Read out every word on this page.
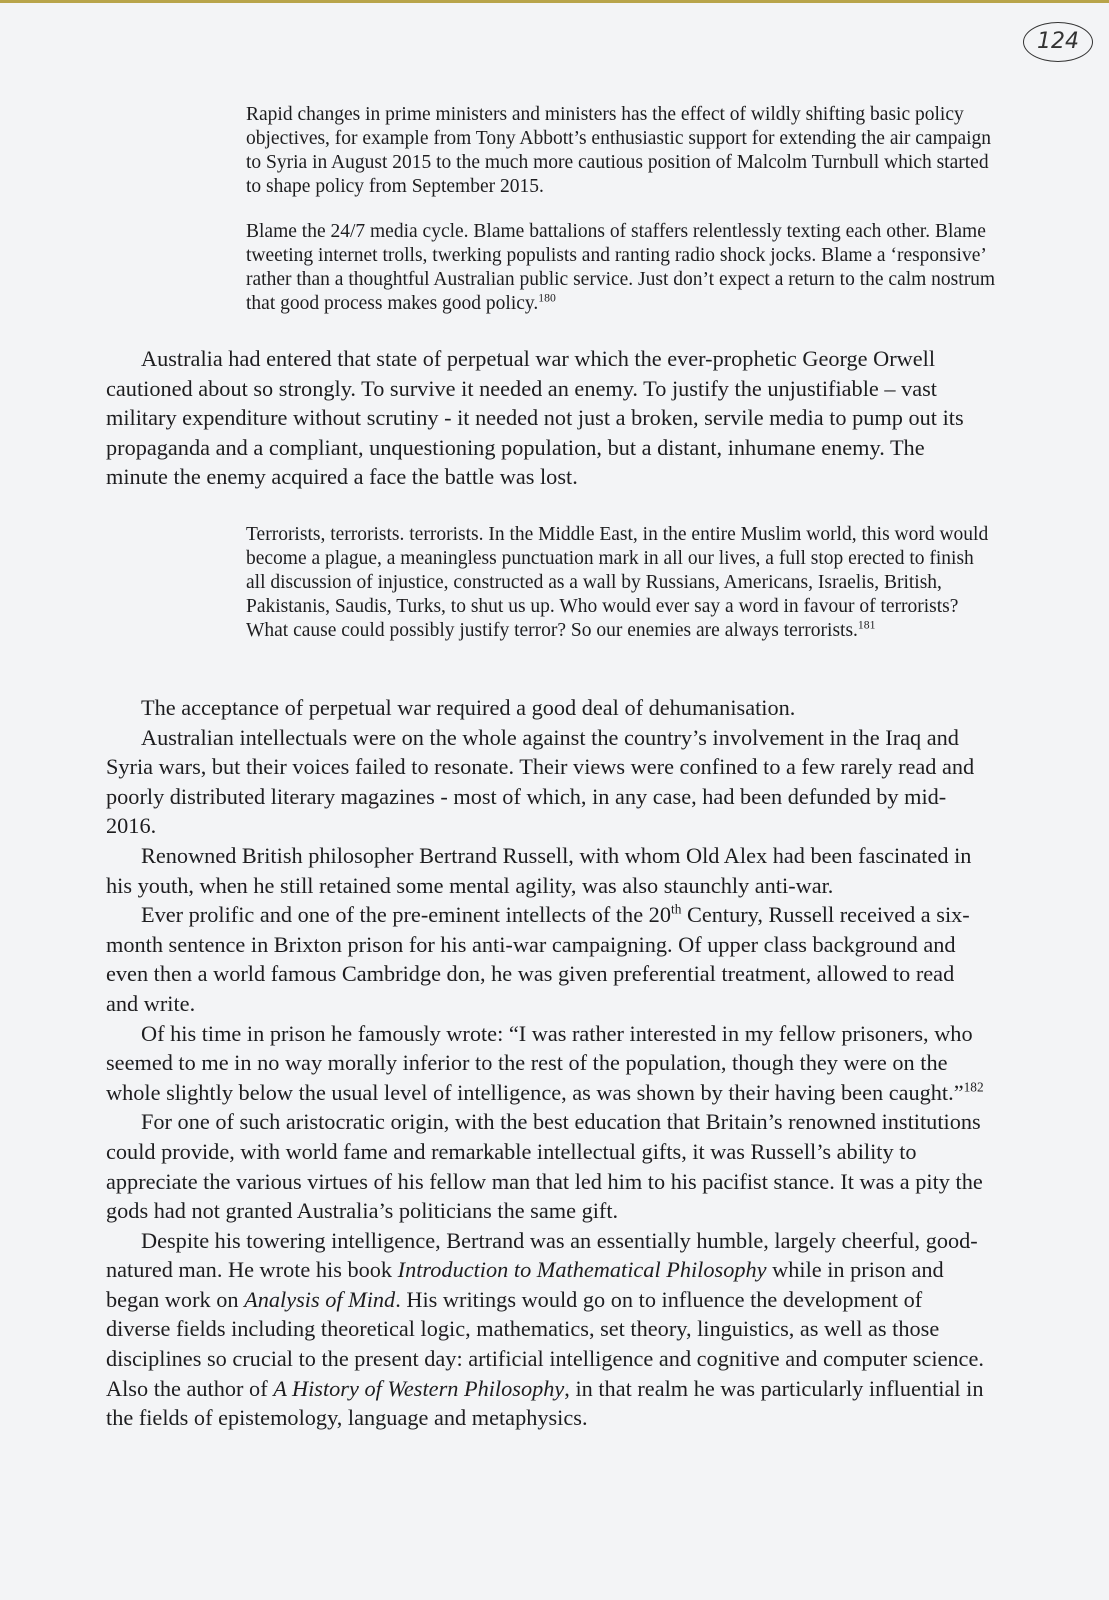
124

Rapid changes in prime ministers and ministers has the effect of wildly shifting basic policy objectives, for example from Tony Abbott’s enthusiastic support for extending the air campaign to Syria in August 2015 to the much more cautious position of Malcolm Turnbull which started to shape policy from September 2015.

Blame the 24/7 media cycle. Blame battalions of staffers relentlessly texting each other. Blame tweeting internet trolls, twerking populists and ranting radio shock jocks. Blame a ‘responsive’ rather than a thoughtful Australian public service. Just don’t expect a return to the calm nostrum that good process makes good policy.$^{180}$

Australia had entered that state of perpetual war which the ever-prophetic George Orwell cautioned about so strongly. To survive it needed an enemy. To justify the unjustifiable – vast military expenditure without scrutiny - it needed not just a broken, servile media to pump out its propaganda and a compliant, unquestioning population, but a distant, inhumane enemy. The minute the enemy acquired a face the battle was lost.

Terrorists, terrorists. terrorists. In the Middle East, in the entire Muslim world, this word would become a plague, a meaningless punctuation mark in all our lives, a full stop erected to finish all discussion of injustice, constructed as a wall by Russians, Americans, Israelis, British, Pakistanis, Saudis, Turks, to shut us up. Who would ever say a word in favour of terrorists? What cause could possibly justify terror? So our enemies are always terrorists.$^{181}$

The acceptance of perpetual war required a good deal of dehumanisation.

Australian intellectuals were on the whole against the country’s involvement in the Iraq and Syria wars, but their voices failed to resonate. Their views were confined to a few rarely read and poorly distributed literary magazines - most of which, in any case, had been defunded by mid-2016.

Renowned British philosopher Bertrand Russell, with whom Old Alex had been fascinated in his youth, when he still retained some mental agility, was also staunchly anti-war.

Ever prolific and one of the pre-eminent intellects of the 20th Century, Russell received a six-month sentence in Brixton prison for his anti-war campaigning. Of upper class background and even then a world famous Cambridge don, he was given preferential treatment, allowed to read and write.

Of his time in prison he famously wrote: “I was rather interested in my fellow prisoners, who seemed to me in no way morally inferior to the rest of the population, though they were on the whole slightly below the usual level of intelligence, as was shown by their having been caught.”$^{182}$

For one of such aristocratic origin, with the best education that Britain’s renowned institutions could provide, with world fame and remarkable intellectual gifts, it was Russell’s ability to appreciate the various virtues of his fellow man that led him to his pacifist stance. It was a pity the gods had not granted Australia’s politicians the same gift.

Despite his towering intelligence, Bertrand was an essentially humble, largely cheerful, good-natured man. He wrote his book Introduction to Mathematical Philosophy while in prison and began work on Analysis of Mind. His writings would go on to influence the development of diverse fields including theoretical logic, mathematics, set theory, linguistics, as well as those disciplines so crucial to the present day: artificial intelligence and cognitive and computer science. Also the author of A History of Western Philosophy, in that realm he was particularly influential in the fields of epistemology, language and metaphysics.
